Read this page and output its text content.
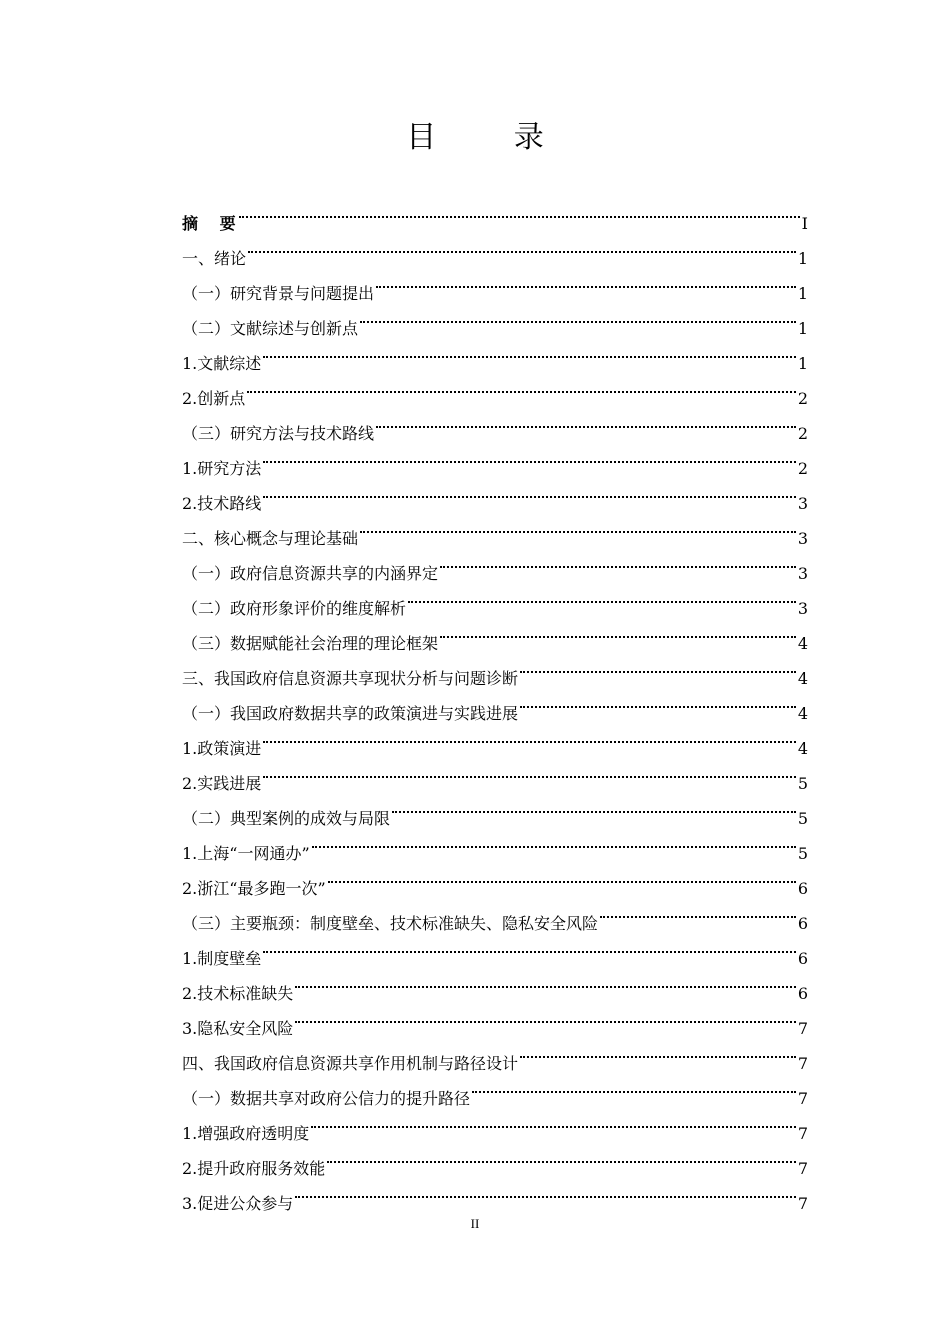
目 录
摘 要	I
一、绪论	1
（一）研究背景与问题提出	1
（二）文献综述与创新点	1
1.文献综述	1
2.创新点	2
（三）研究方法与技术路线	2
1.研究方法	2
2.技术路线	3
二、核心概念与理论基础	3
（一）政府信息资源共享的内涵界定	3
（二）政府形象评价的维度解析	3
（三）数据赋能社会治理的理论框架	4
三、我国政府信息资源共享现状分析与问题诊断	4
（一）我国政府数据共享的政策演进与实践进展	4
1.政策演进	4
2.实践进展	5
（二）典型案例的成效与局限	5
1.上海“一网通办”	5
2.浙江“最多跑一次”	6
（三）主要瓶颈：制度壁垒、技术标准缺失、隐私安全风险	6
1.制度壁垒	6
2.技术标准缺失	6
3.隐私安全风险	7
四、我国政府信息资源共享作用机制与路径设计	7
（一）数据共享对政府公信力的提升路径	7
1.增强政府透明度	7
2.提升政府服务效能	7
3.促进公众参与	7
II
